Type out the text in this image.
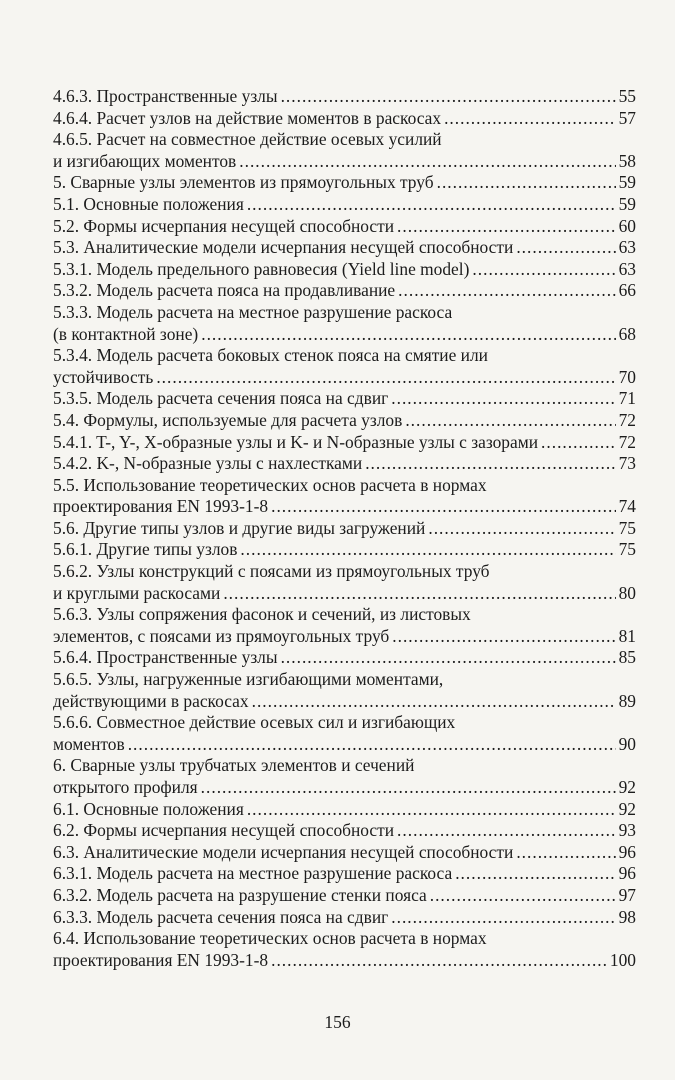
4.6.3. Пространственные узлы .....	55
4.6.4. Расчет узлов на действие моментов в раскосах .....	57
4.6.5. Расчет на совместное действие осевых усилий
и изгибающих моментов .....	58
5. Сварные узлы элементов из прямоугольных труб .....	59
5.1. Основные положения .....	59
5.2. Формы исчерпания несущей способности .....	60
5.3. Аналитические модели исчерпания несущей способности .....	63
5.3.1. Модель предельного равновесия (Yield line model) .....	63
5.3.2. Модель расчета пояса на продавливание .....	66
5.3.3. Модель расчета на местное разрушение раскоса
(в контактной зоне) .....	68
5.3.4. Модель расчета боковых стенок пояса на смятие или
устойчивость .....	70
5.3.5. Модель расчета сечения пояса на сдвиг .....	71
5.4. Формулы, используемые для расчета узлов .....	72
5.4.1. T-, Y-, X-образные узлы и K- и N-образные узлы с зазорами .....	72
5.4.2. K-, N-образные узлы с нахлестками .....	73
5.5. Использование теоретических основ расчета в нормах
проектирования EN 1993-1-8 .....	74
5.6. Другие типы узлов и другие виды загружений .....	75
5.6.1. Другие типы узлов .....	75
5.6.2. Узлы конструкций с поясами из прямоугольных труб
и круглыми раскосами .....	80
5.6.3. Узлы сопряжения фасонок и сечений, из листовых
элементов, с поясами из прямоугольных труб .....	81
5.6.4. Пространственные узлы .....	85
5.6.5. Узлы, нагруженные изгибающими моментами,
действующими в раскосах .....	89
5.6.6. Совместное действие осевых сил и изгибающих
моментов .....	90
6. Сварные узлы трубчатых элементов и сечений
открытого профиля .....	92
6.1. Основные положения .....	92
6.2. Формы исчерпания несущей способности .....	93
6.3. Аналитические модели исчерпания несущей способности .....	96
6.3.1. Модель расчета на местное разрушение раскоса .....	96
6.3.2. Модель расчета на разрушение стенки пояса .....	97
6.3.3. Модель расчета сечения пояса на сдвиг .....	98
6.4. Использование теоретических основ расчета в нормах
проектирования EN 1993-1-8 .....	100
156
